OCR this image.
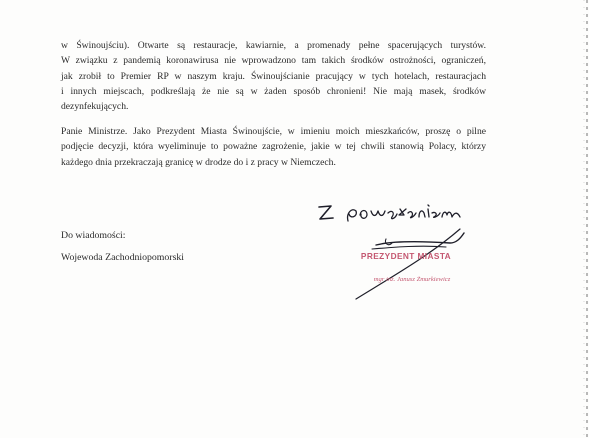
w Świnoujściu). Otwarte są restauracje, kawiarnie, a promenady pełne spacerujących turystów.
W związku z pandemią koronawirusa nie wprowadzono tam takich środków ostrożności, ograniczeń,
jak zrobił to Premier RP w naszym kraju. Świnoujścianie pracujący w tych hotelach, restauracjach
i innych miejscach, podkreślają że nie są w żaden sposób chronieni! Nie mają masek, środków
dezynfekujących.

Panie Ministrze. Jako Prezydent Miasta Świnoujście, w imieniu moich mieszkańców, proszę o pilne
podjęcie decyzji, która wyeliminuje to poważne zagrożenie, jakie w tej chwili stanowią Polacy, którzy
każdego dnia przekraczają granicę w drodze do i z pracy w Niemczech.

Do wiadomości:
Wojewoda Zachodniopomorski	PREZYDENT MIASTA
mgr inż. Janusz Żmurkiewicz
